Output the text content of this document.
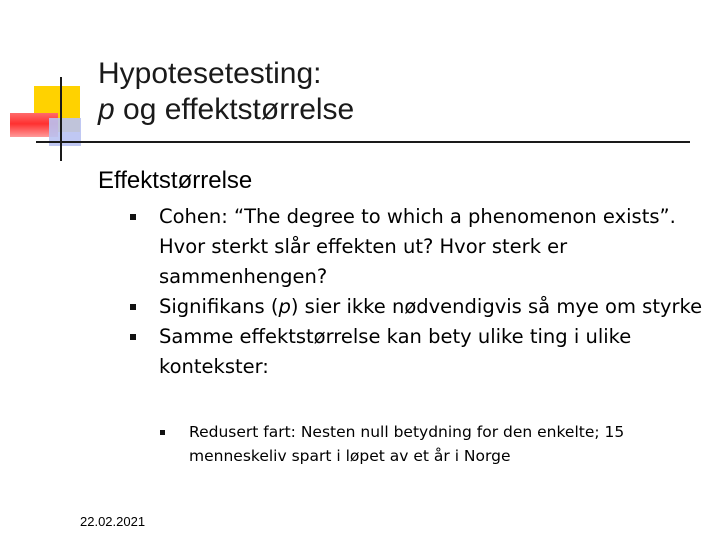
Hypotesetesting:
p og effektstørrelse
Effektstørrelse
Cohen: “The degree to which a phenomenon exists”. Hvor sterkt slår effekten ut? Hvor sterk er sammenhengen?
Signifikans (p) sier ikke nødvendigvis så mye om styrke
Samme effektstørrelse kan bety ulike ting i ulike kontekster:
Redusert fart: Nesten null betydning for den enkelte; 15 menneskeliv spart i løpet av et år i Norge
22.02.2021
